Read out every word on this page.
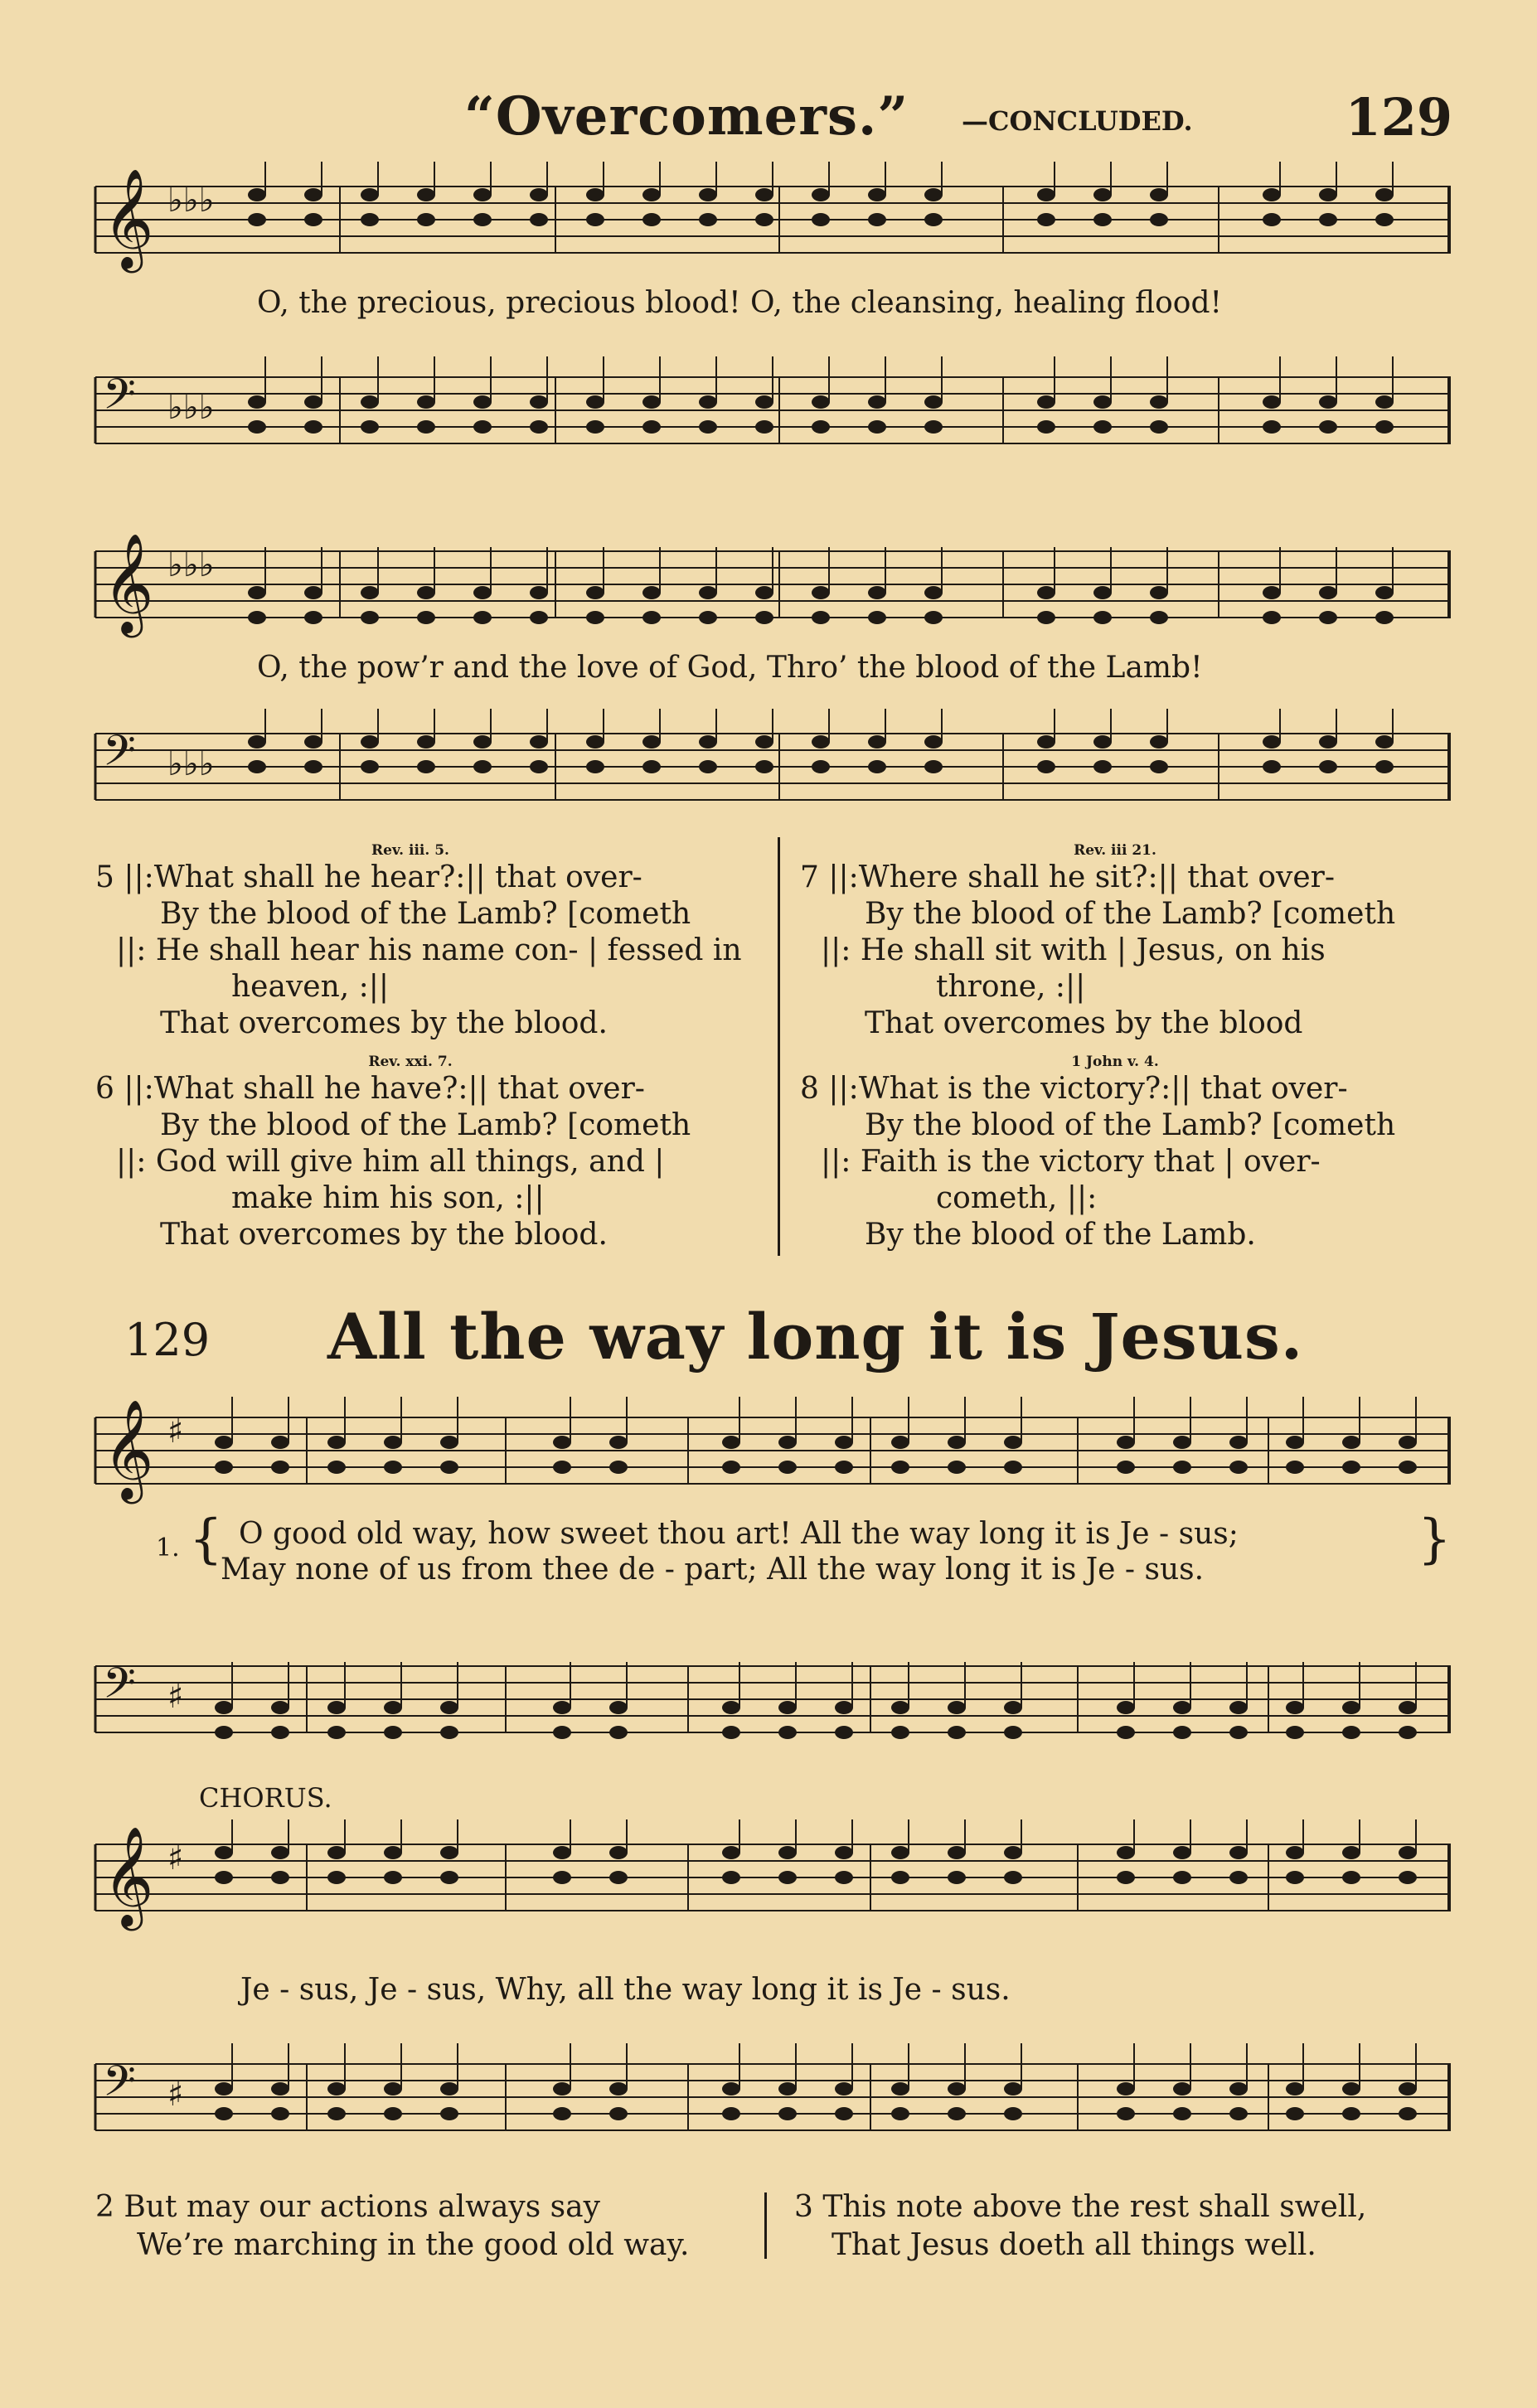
“Overcomers.” —CONCLUDED.	129
𝄞 ♭♭♭
O, the precious, precious blood! O, the cleansing, healing flood!
𝄢 ♭♭♭
𝄞 ♭♭♭
O, the pow’r and the love of God, Thro’ the blood of the Lamb!
𝄢 ♭♭♭
Rev. iii. 5.
5 ||:What shall he hear?:|| that over-
By the blood of the Lamb? [cometh
||: He shall hear his name con- | fessed in
heaven, :||
That overcomes by the blood.
Rev. xxi. 7.
6 ||:What shall he have?:|| that over-
By the blood of the Lamb? [cometh
||: God will give him all things, and |
make him his son, :||
That overcomes by the blood.
Rev. iii 21.
7 ||:Where shall he sit?:|| that over-
By the blood of the Lamb? [cometh
||: He shall sit with | Jesus, on his
throne, :||
That overcomes by the blood
1 John v. 4.
8 ||:What is the victory?:|| that over-
By the blood of the Lamb? [cometh
||: Faith is the victory that | over-
cometh, ||:
By the blood of the Lamb.
129 All the way long it is Jesus.
𝄞 ♯
1. { O good old way, how sweet thou art! All the way long it is Je - sus;
May none of us from thee de - part; All the way long it is Je - sus.	}
𝄢 ♯
CHORUS.
𝄞 ♯
Je - sus, Je - sus, Why, all the way long it is Je - sus.
𝄢 ♯
2 But may our actions always say
We’re marching in the good old way.
3 This note above the rest shall swell,
That Jesus doeth all things well.
